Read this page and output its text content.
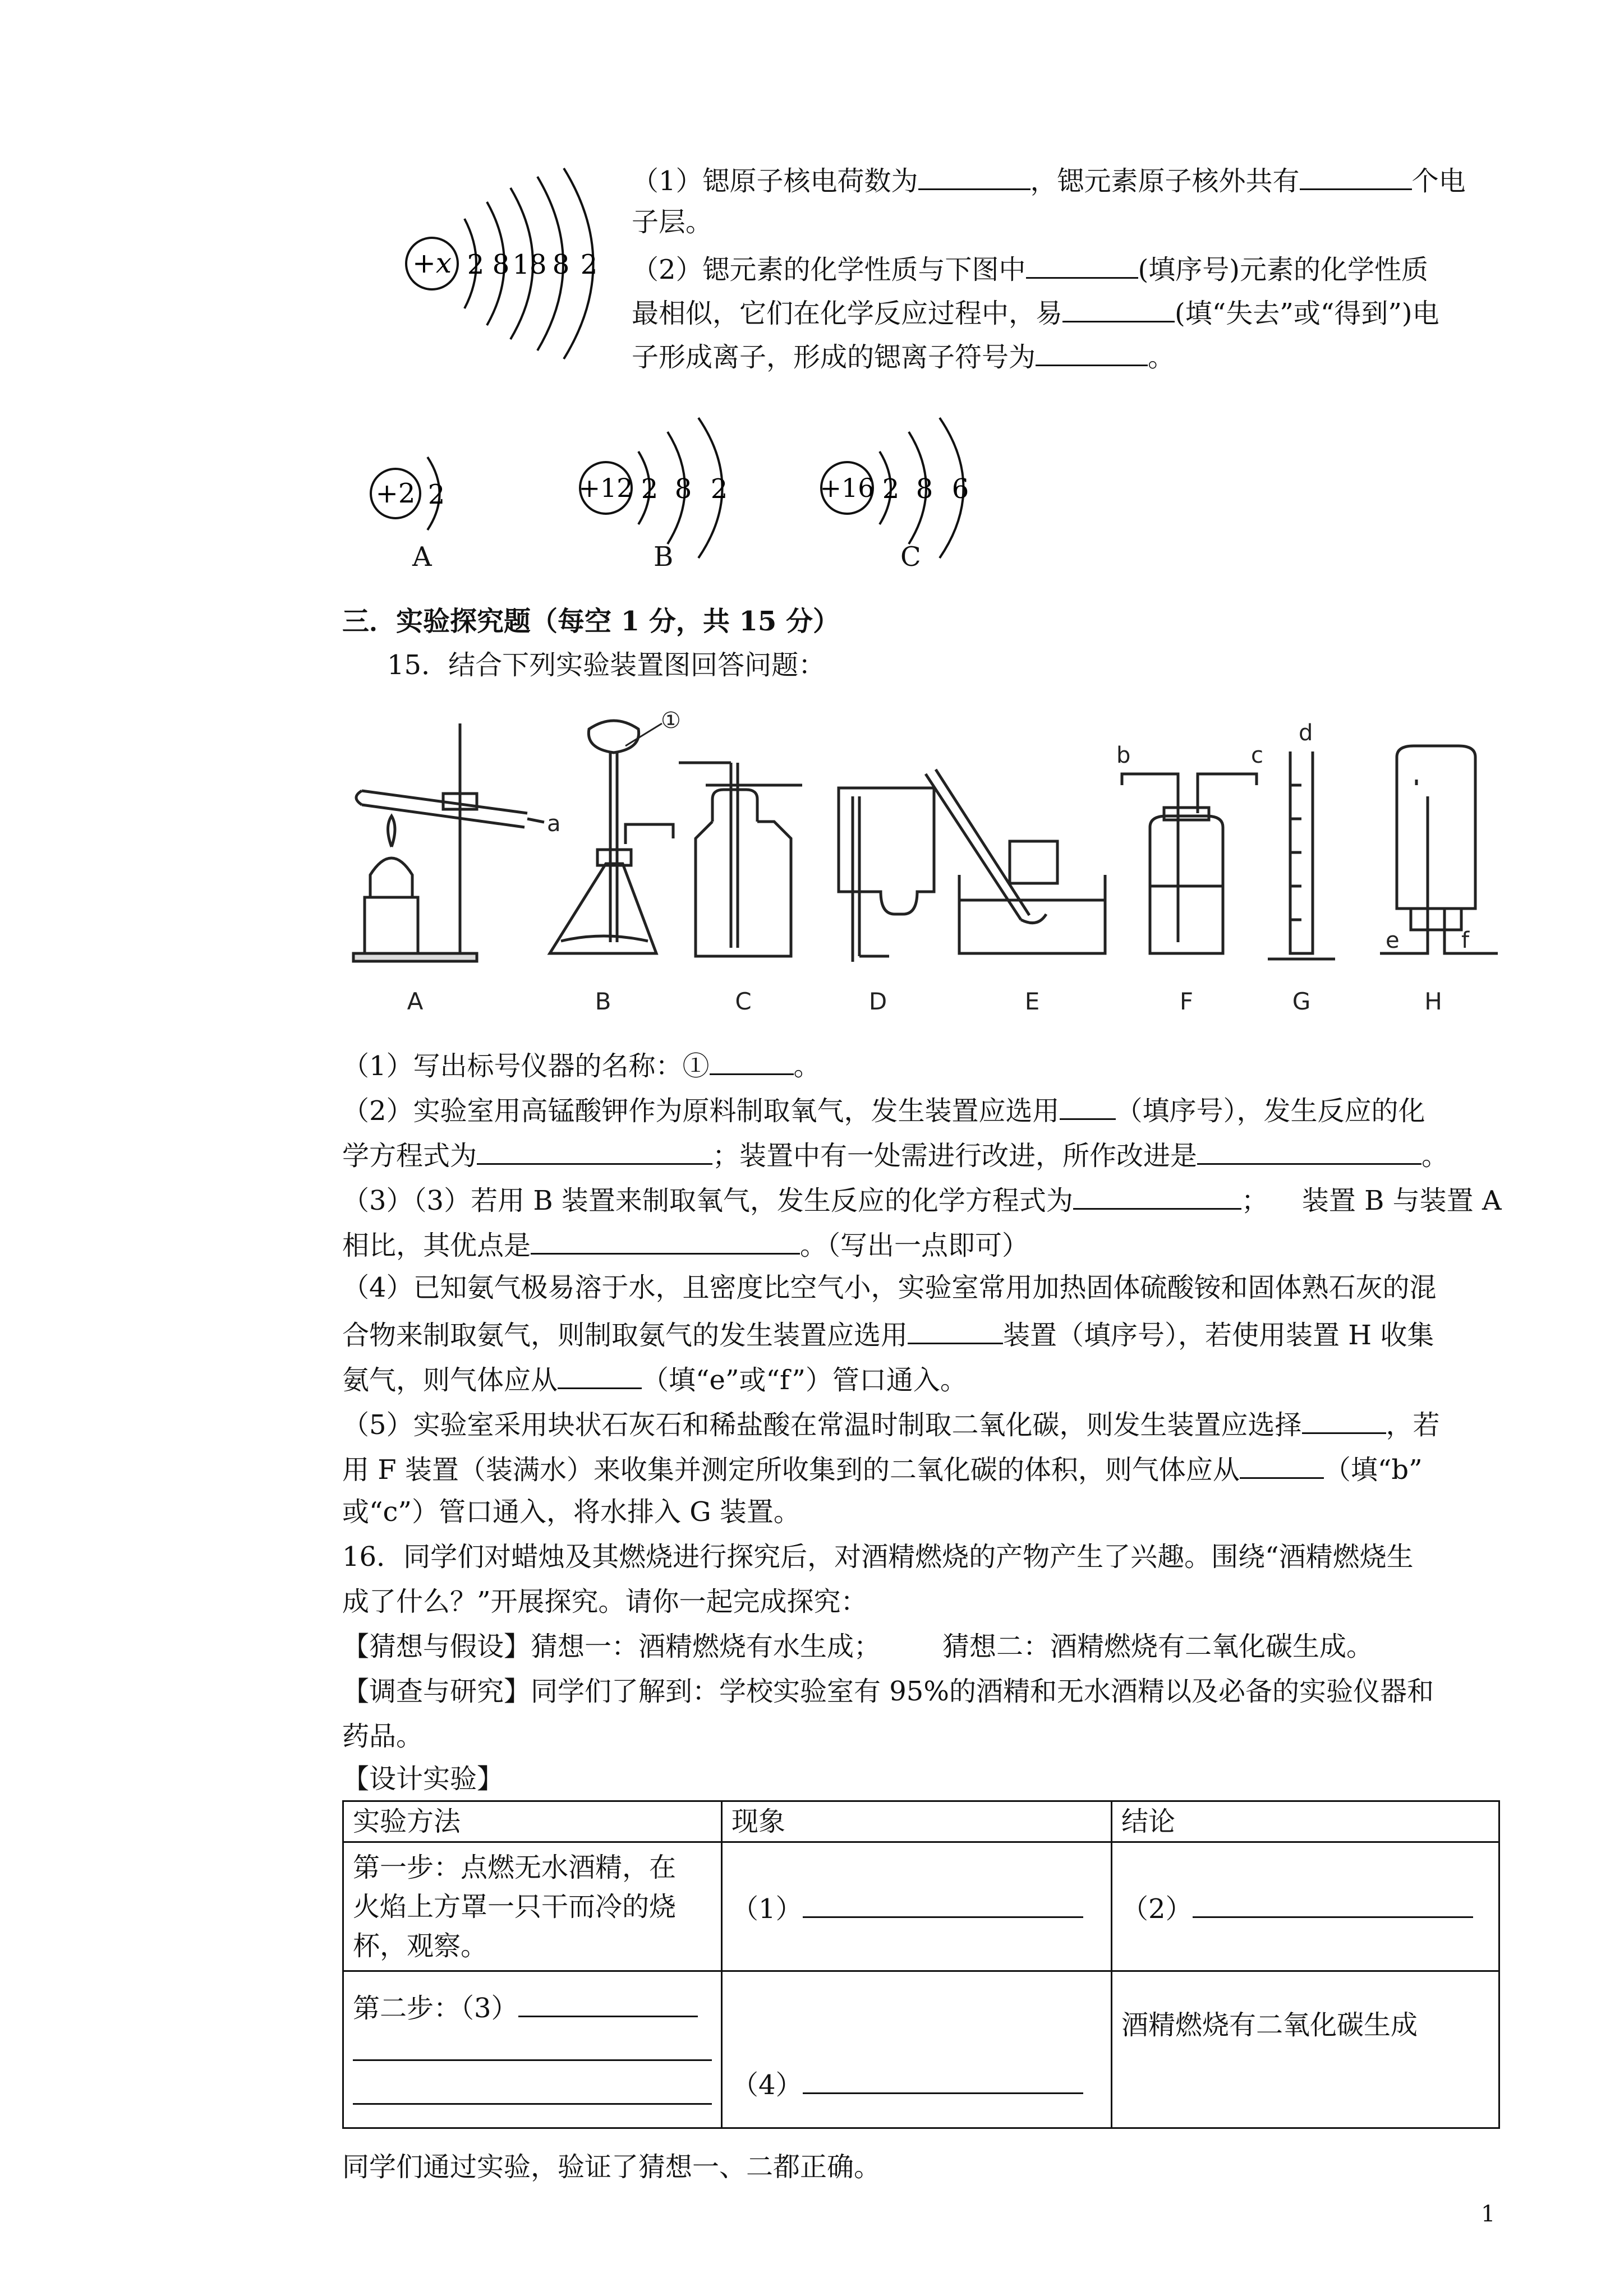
+x 2 8 18 8 2
（1）锶原子核电荷数为	，锶元素原子核外共有	个电
子层。
（2）锶元素的化学性质与下图中	(填序号)元素的化学性质
最相似，它们在化学反应过程中，易	(填“失去”或“得到”)电
子形成离子，形成的锶离子符号为	。
+2 2
A
+12 2 8 2
B
+16 2 8 6
C
三．实验探究题（每空 1 分，共 15 分）
15．结合下列实验装置图回答问题：
a
①
b	c
d
e	f
A	B	C	D	E	F	G	H
（1）写出标号仪器的名称：①	。
（2）实验室用高锰酸钾作为原料制取氧气，发生装置应选用 （填序号），发生反应的化
学方程式为	；装置中有一处需进行改进，所作改进是	。
（3）（3）若用 B 装置来制取氧气，发生反应的化学方程式为	； 装置 B 与装置 A
相比，其优点是	。（写出一点即可）
（4）已知氨气极易溶于水，且密度比空气小，实验室常用加热固体硫酸铵和固体熟石灰的混
合物来制取氨气，则制取氨气的发生装置应选用	装置（填序号），若使用装置 H 收集
氨气，则气体应从	（填“e”或“f”）管口通入。
（5）实验室采用块状石灰石和稀盐酸在常温时制取二氧化碳，则发生装置应选择	，若
用 F 装置（装满水）来收集并测定所收集到的二氧化碳的体积，则气体应从	（填“b”
或“c”）管口通入，将水排入 G 装置。
16．同学们对蜡烛及其燃烧进行探究后，对酒精燃烧的产物产生了兴趣。围绕“酒精燃烧生
成了什么？”开展探究。请你一起完成探究：
【猜想与假设】猜想一：酒精燃烧有水生成； 猜想二：酒精燃烧有二氧化碳生成。
【调查与研究】同学们了解到：学校实验室有 95%的酒精和无水酒精以及必备的实验仪器和
药品。
【设计实验】
实验方法	现象	结论

第一步：点燃无水酒精，在
火焰上方罩一只干而冷的烧
杯，观察。	（1）	（2）

第二步：（3）	（4）	酒精燃烧有二氧化碳生成
同学们通过实验，验证了猜想一、二都正确。
1
